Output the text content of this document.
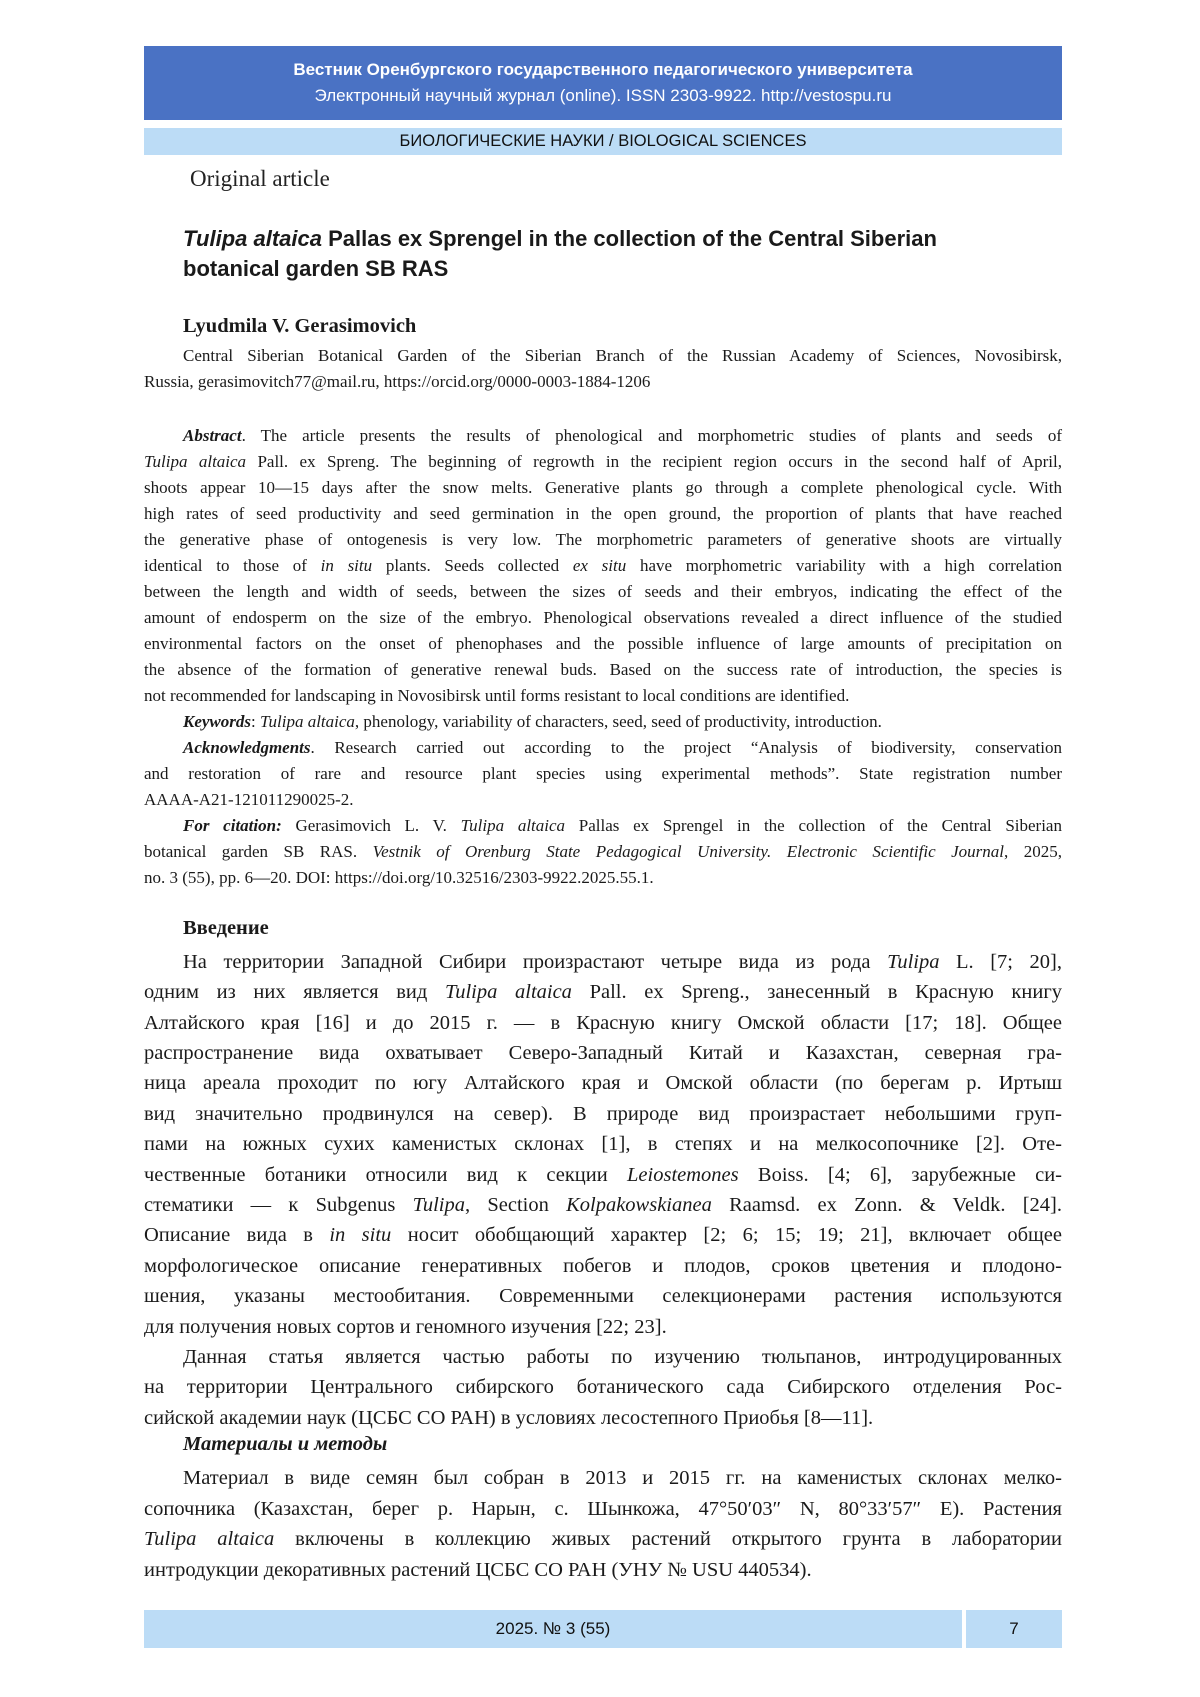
Вестник Оренбургского государственного педагогического университета
Электронный научный журнал (online). ISSN 2303-9922. http://vestospu.ru
БИОЛОГИЧЕСКИЕ НАУКИ / BIOLOGICAL SCIENCES
Original article
Tulipa altaica Pallas ex Sprengel in the collection of the Central Siberian
botanical garden SB RAS
Lyudmila V. Gerasimovich
Central Siberian Botanical Garden of the Siberian Branch of the Russian Academy of Sciences, Novosibirsk,
Russia, gerasimovitch77@mail.ru, https://orcid.org/0000-0003-1884-1206
Abstract. The article presents the results of phenological and morphometric studies of plants and seeds of
Tulipa altaica Pall. ex Spreng. The beginning of regrowth in the recipient region occurs in the second half of April,
shoots appear 10—15 days after the snow melts. Generative plants go through a complete phenological cycle. With
high rates of seed productivity and seed germination in the open ground, the proportion of plants that have reached
the generative phase of ontogenesis is very low. The morphometric parameters of generative shoots are virtually
identical to those of in situ plants. Seeds collected ex situ have morphometric variability with a high correlation
between the length and width of seeds, between the sizes of seeds and their embryos, indicating the effect of the
amount of endosperm on the size of the embryo. Phenological observations revealed a direct influence of the studied
environmental factors on the onset of phenophases and the possible influence of large amounts of precipitation on
the absence of the formation of generative renewal buds. Based on the success rate of introduction, the species is
not recommended for landscaping in Novosibirsk until forms resistant to local conditions are identified.
Keywords: Tulipa altaica, phenology, variability of characters, seed, seed of productivity, introduction.
Acknowledgments. Research carried out according to the project “Analysis of biodiversity, conservation
and restoration of rare and resource plant species using experimental methods”. State registration number
AAAA-A21-121011290025-2.
For citation: Gerasimovich L. V. Tulipa altaica Pallas ex Sprengel in the collection of the Central Siberian
botanical garden SB RAS. Vestnik of Orenburg State Pedagogical University. Electronic Scientific Journal, 2025,
no. 3 (55), pp. 6—20. DOI: https://doi.org/10.32516/2303-9922.2025.55.1.
Введение
На территории Западной Сибири произрастают четыре вида из рода Tulipa L. [7; 20],
одним из них является вид Tulipa altaica Pall. ex Spreng., занесенный в Красную книгу
Алтайского края [16] и до 2015 г. — в Красную книгу Омской области [17; 18]. Общее
распространение вида охватывает Северо-Западный Китай и Казахстан, северная гра-
ница ареала проходит по югу Алтайского края и Омской области (по берегам р. Иртыш
вид значительно продвинулся на север). В природе вид произрастает небольшими груп-
пами на южных сухих каменистых склонах [1], в степях и на мелкосопочнике [2]. Оте-
чественные ботаники относили вид к секции Leiostemones Boiss. [4; 6], зарубежные си-
стематики — к Subgenus Tulipa, Section Kolpakowskianea Raamsd. ex Zonn. & Veldk. [24].
Описание вида в in situ носит обобщающий характер [2; 6; 15; 19; 21], включает общее
морфологическое описание генеративных побегов и плодов, сроков цветения и плодоно-
шения, указаны местообитания. Современными селекционерами растения используются
для получения новых сортов и геномного изучения [22; 23].
Данная статья является частью работы по изучению тюльпанов, интродуцированных
на территории Центрального сибирского ботанического сада Сибирского отделения Рос-
сийской академии наук (ЦСБС СО РАН) в условиях лесостепного Приобья [8—11].
Материалы и методы
Материал в виде семян был собран в 2013 и 2015 гг. на каменистых склонах мелко-
сопочника (Казахстан, берег р. Нарын, с. Шынкожа, 47°50′03″ N, 80°33′57″ E). Растения
Tulipa altaica включены в коллекцию живых растений открытого грунта в лаборатории
интродукции декоративных растений ЦСБС СО РАН (УНУ № USU 440534).
2025. № 3 (55)	7
